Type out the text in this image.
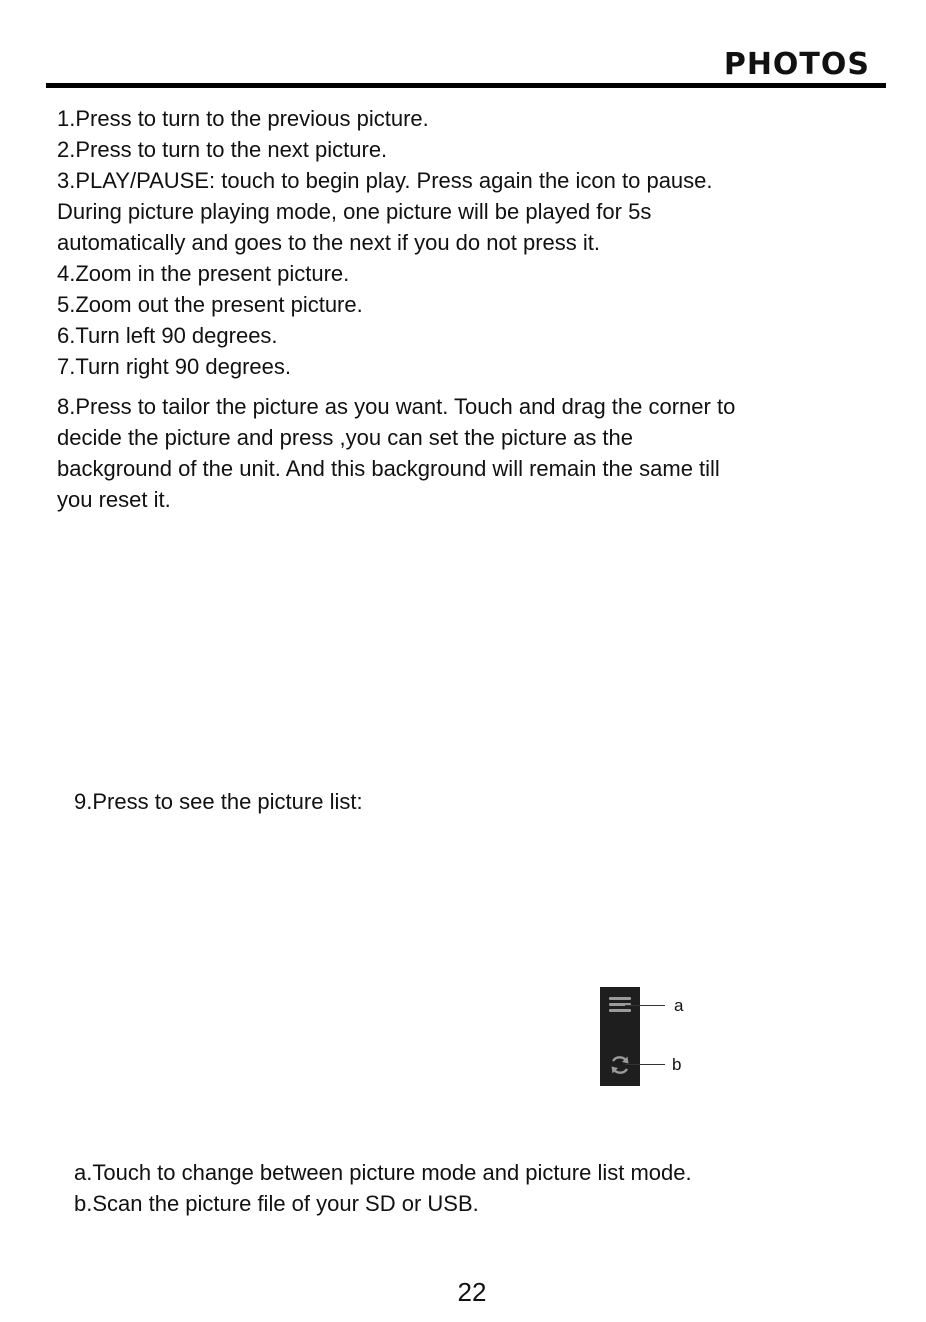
PHOTOS

1.Press to turn to the previous picture.

2.Press to turn to the next picture.

3.PLAY/PAUSE: touch to begin play. Press again the icon to pause.

During picture playing mode, one picture will be played for 5s

automatically and goes to the next if you do not press it.

4.Zoom in the present picture.

5.Zoom out the present picture.

6.Turn left 90 degrees.

7.Turn right 90 degrees.

8.Press to tailor the picture as you want. Touch and drag the corner to

decide the picture and press ,you can set the picture as the

background of the unit. And this background will remain the same till

you reset it.

9.Press to see the picture list:

a
b

a.Touch to change between picture mode and picture list mode.

b.Scan the picture file of your SD or USB.

22
